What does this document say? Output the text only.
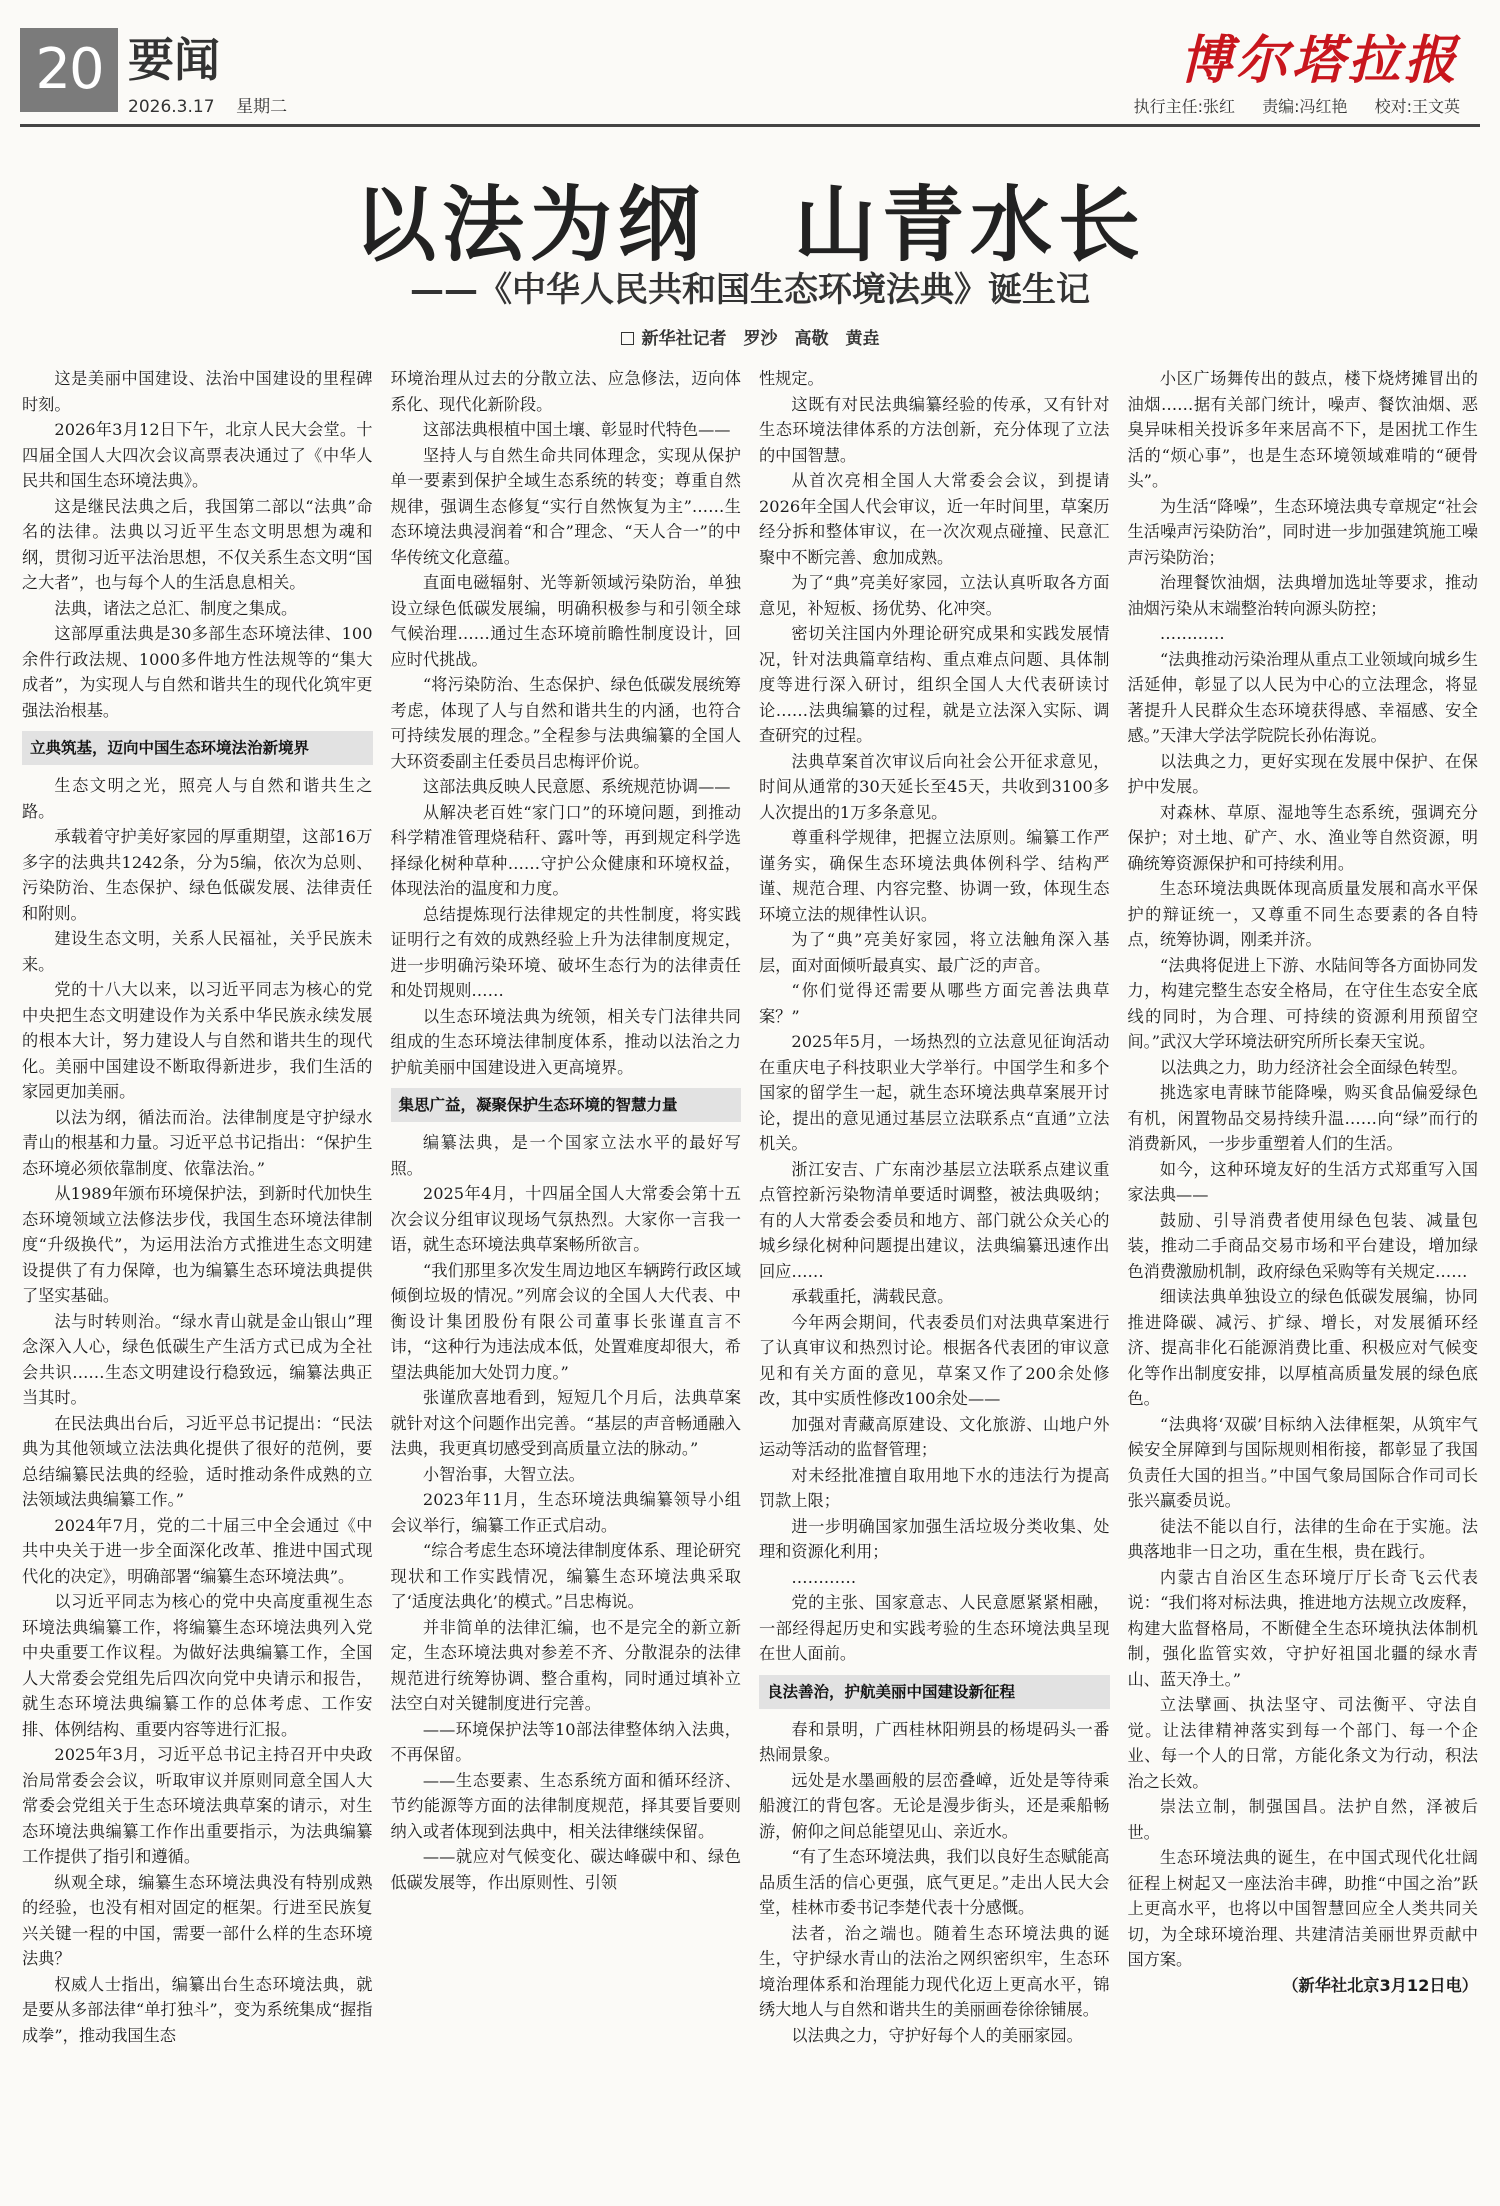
20 要闻
2026.3.17 星期二
博尔塔拉报
执行主任:张红 责编:冯红艳 校对:王文英
以法为纲　山青水长
——《中华人民共和国生态环境法典》诞生记
新华社记者　罗沙　高敬　黄垚

这是美丽中国建设、法治中国建设的里程碑时刻。

2026年3月12日下午，北京人民大会堂。十四届全国人大四次会议高票表决通过了《中华人民共和国生态环境法典》。

这是继民法典之后，我国第二部以“法典”命名的法律。法典以习近平生态文明思想为魂和纲，贯彻习近平法治思想，不仅关系生态文明“国之大者”，也与每个人的生活息息相关。

法典，诸法之总汇、制度之集成。

这部厚重法典是30多部生态环境法律、100余件行政法规、1000多件地方性法规等的“集大成者”，为实现人与自然和谐共生的现代化筑牢更强法治根基。

立典筑基，迈向中国生态环境法治新境界

生态文明之光，照亮人与自然和谐共生之路。

承载着守护美好家园的厚重期望，这部16万多字的法典共1242条，分为5编，依次为总则、污染防治、生态保护、绿色低碳发展、法律责任和附则。

建设生态文明，关系人民福祉，关乎民族未来。

党的十八大以来，以习近平同志为核心的党中央把生态文明建设作为关系中华民族永续发展的根本大计，努力建设人与自然和谐共生的现代化。美丽中国建设不断取得新进步，我们生活的家园更加美丽。

以法为纲，循法而治。法律制度是守护绿水青山的根基和力量。习近平总书记指出：“保护生态环境必须依靠制度、依靠法治。”

从1989年颁布环境保护法，到新时代加快生态环境领域立法修法步伐，我国生态环境法律制度“升级换代”，为运用法治方式推进生态文明建设提供了有力保障，也为编纂生态环境法典提供了坚实基础。

法与时转则治。“绿水青山就是金山银山”理念深入人心，绿色低碳生产生活方式已成为全社会共识……生态文明建设行稳致远，编纂法典正当其时。

在民法典出台后，习近平总书记提出：“民法典为其他领域立法法典化提供了很好的范例，要总结编纂民法典的经验，适时推动条件成熟的立法领域法典编纂工作。”

2024年7月，党的二十届三中全会通过《中共中央关于进一步全面深化改革、推进中国式现代化的决定》，明确部署“编纂生态环境法典”。

以习近平同志为核心的党中央高度重视生态环境法典编纂工作，将编纂生态环境法典列入党中央重要工作议程。为做好法典编纂工作，全国人大常委会党组先后四次向党中央请示和报告，就生态环境法典编纂工作的总体考虑、工作安排、体例结构、重要内容等进行汇报。

2025年3月，习近平总书记主持召开中央政治局常委会会议，听取审议并原则同意全国人大常委会党组关于生态环境法典草案的请示，对生态环境法典编纂工作作出重要指示，为法典编纂工作提供了指引和遵循。

纵观全球，编纂生态环境法典没有特别成熟的经验，也没有相对固定的框架。行进至民族复兴关键一程的中国，需要一部什么样的生态环境法典？

权威人士指出，编纂出台生态环境法典，就是要从多部法律“单打独斗”，变为系统集成“握指成拳”，推动我国生态

环境治理从过去的分散立法、应急修法，迈向体系化、现代化新阶段。

这部法典根植中国土壤、彰显时代特色——

坚持人与自然生命共同体理念，实现从保护单一要素到保护全域生态系统的转变；尊重自然规律，强调生态修复“实行自然恢复为主”……生态环境法典浸润着“和合”理念、“天人合一”的中华传统文化意蕴。

直面电磁辐射、光等新领域污染防治，单独设立绿色低碳发展编，明确积极参与和引领全球气候治理……通过生态环境前瞻性制度设计，回应时代挑战。

“将污染防治、生态保护、绿色低碳发展统筹考虑，体现了人与自然和谐共生的内涵，也符合可持续发展的理念。”全程参与法典编纂的全国人大环资委副主任委员吕忠梅评价说。

这部法典反映人民意愿、系统规范协调——

从解决老百姓“家门口”的环境问题，到推动科学精准管理烧秸秆、露叶等，再到规定科学选择绿化树种草种……守护公众健康和环境权益，体现法治的温度和力度。

总结提炼现行法律规定的共性制度，将实践证明行之有效的成熟经验上升为法律制度规定，进一步明确污染环境、破坏生态行为的法律责任和处罚规则……

以生态环境法典为统领，相关专门法律共同组成的生态环境法律制度体系，推动以法治之力护航美丽中国建设进入更高境界。

集思广益，凝聚保护生态环境的智慧力量

编纂法典，是一个国家立法水平的最好写照。

2025年4月，十四届全国人大常委会第十五次会议分组审议现场气氛热烈。大家你一言我一语，就生态环境法典草案畅所欲言。

“我们那里多次发生周边地区车辆跨行政区域倾倒垃圾的情况。”列席会议的全国人大代表、中衡设计集团股份有限公司董事长张谨直言不讳，“这种行为违法成本低，处置难度却很大，希望法典能加大处罚力度。”

张谨欣喜地看到，短短几个月后，法典草案就针对这个问题作出完善。“基层的声音畅通融入法典，我更真切感受到高质量立法的脉动。”

小智治事，大智立法。

2023年11月，生态环境法典编纂领导小组会议举行，编纂工作正式启动。

“综合考虑生态环境法律制度体系、理论研究现状和工作实践情况，编纂生态环境法典采取了‘适度法典化’的模式。”吕忠梅说。

并非简单的法律汇编，也不是完全的新立新定，生态环境法典对参差不齐、分散混杂的法律规范进行统筹协调、整合重构，同时通过填补立法空白对关键制度进行完善。

——环境保护法等10部法律整体纳入法典，不再保留。

——生态要素、生态系统方面和循环经济、节约能源等方面的法律制度规范，择其要旨要则纳入或者体现到法典中，相关法律继续保留。

——就应对气候变化、碳达峰碳中和、绿色低碳发展等，作出原则性、引领

性规定。

这既有对民法典编纂经验的传承，又有针对生态环境法律体系的方法创新，充分体现了立法的中国智慧。

从首次亮相全国人大常委会会议，到提请2026年全国人代会审议，近一年时间里，草案历经分拆和整体审议，在一次次观点碰撞、民意汇聚中不断完善、愈加成熟。

为了“典”亮美好家园，立法认真听取各方面意见，补短板、扬优势、化冲突。

密切关注国内外理论研究成果和实践发展情况，针对法典篇章结构、重点难点问题、具体制度等进行深入研讨，组织全国人大代表研读讨论……法典编纂的过程，就是立法深入实际、调查研究的过程。

法典草案首次审议后向社会公开征求意见，时间从通常的30天延长至45天，共收到3100多人次提出的1万多条意见。

尊重科学规律，把握立法原则。编纂工作严谨务实，确保生态环境法典体例科学、结构严谨、规范合理、内容完整、协调一致，体现生态环境立法的规律性认识。

为了“典”亮美好家园，将立法触角深入基层，面对面倾听最真实、最广泛的声音。

“你们觉得还需要从哪些方面完善法典草案？”

2025年5月，一场热烈的立法意见征询活动在重庆电子科技职业大学举行。中国学生和多个国家的留学生一起，就生态环境法典草案展开讨论，提出的意见通过基层立法联系点“直通”立法机关。

浙江安吉、广东南沙基层立法联系点建议重点管控新污染物清单要适时调整，被法典吸纳；有的人大常委会委员和地方、部门就公众关心的城乡绿化树种问题提出建议，法典编纂迅速作出回应……

承载重托，满载民意。

今年两会期间，代表委员们对法典草案进行了认真审议和热烈讨论。根据各代表团的审议意见和有关方面的意见，草案又作了200余处修改，其中实质性修改100余处——

加强对青藏高原建设、文化旅游、山地户外运动等活动的监督管理；

对未经批准擅自取用地下水的违法行为提高罚款上限；

进一步明确国家加强生活垃圾分类收集、处理和资源化利用；

…………

党的主张、国家意志、人民意愿紧紧相融，一部经得起历史和实践考验的生态环境法典呈现在世人面前。

良法善治，护航美丽中国建设新征程

春和景明，广西桂林阳朔县的杨堤码头一番热闹景象。

远处是水墨画般的层峦叠嶂，近处是等待乘船渡江的背包客。无论是漫步街头，还是乘船畅游，俯仰之间总能望见山、亲近水。

“有了生态环境法典，我们以良好生态赋能高品质生活的信心更强，底气更足。”走出人民大会堂，桂林市委书记李楚代表十分感慨。

法者，治之端也。随着生态环境法典的诞生，守护绿水青山的法治之网织密织牢，生态环境治理体系和治理能力现代化迈上更高水平，锦绣大地人与自然和谐共生的美丽画卷徐徐铺展。

以法典之力，守护好每个人的美丽家园。

小区广场舞传出的鼓点，楼下烧烤摊冒出的油烟……据有关部门统计，噪声、餐饮油烟、恶臭异味相关投诉多年来居高不下，是困扰工作生活的“烦心事”，也是生态环境领域难啃的“硬骨头”。

为生活“降噪”，生态环境法典专章规定“社会生活噪声污染防治”，同时进一步加强建筑施工噪声污染防治；

治理餐饮油烟，法典增加选址等要求，推动油烟污染从末端整治转向源头防控；

…………

“法典推动污染治理从重点工业领域向城乡生活延伸，彰显了以人民为中心的立法理念，将显著提升人民群众生态环境获得感、幸福感、安全感。”天津大学法学院院长孙佑海说。

以法典之力，更好实现在发展中保护、在保护中发展。

对森林、草原、湿地等生态系统，强调充分保护；对土地、矿产、水、渔业等自然资源，明确统筹资源保护和可持续利用。

生态环境法典既体现高质量发展和高水平保护的辩证统一，又尊重不同生态要素的各自特点，统筹协调，刚柔并济。

“法典将促进上下游、水陆间等各方面协同发力，构建完整生态安全格局，在守住生态安全底线的同时，为合理、可持续的资源利用预留空间。”武汉大学环境法研究所所长秦天宝说。

以法典之力，助力经济社会全面绿色转型。

挑选家电青睐节能降噪，购买食品偏爱绿色有机，闲置物品交易持续升温……向“绿”而行的消费新风，一步步重塑着人们的生活。

如今，这种环境友好的生活方式郑重写入国家法典——

鼓励、引导消费者使用绿色包装、减量包装，推动二手商品交易市场和平台建设，增加绿色消费激励机制，政府绿色采购等有关规定……

细读法典单独设立的绿色低碳发展编，协同推进降碳、减污、扩绿、增长，对发展循环经济、提高非化石能源消费比重、积极应对气候变化等作出制度安排，以厚植高质量发展的绿色底色。

“法典将‘双碳’目标纳入法律框架，从筑牢气候安全屏障到与国际规则相衔接，都彰显了我国负责任大国的担当。”中国气象局国际合作司司长张兴赢委员说。

徒法不能以自行，法律的生命在于实施。法典落地非一日之功，重在生根，贵在践行。

内蒙古自治区生态环境厅厅长奇飞云代表说：“我们将对标法典，推进地方法规立改废释，构建大监督格局，不断健全生态环境执法体制机制，强化监管实效，守护好祖国北疆的绿水青山、蓝天净土。”

立法擘画、执法坚守、司法衡平、守法自觉。让法律精神落实到每一个部门、每一个企业、每一个人的日常，方能化条文为行动，积法治之长效。

崇法立制，制强国昌。法护自然，泽被后世。

生态环境法典的诞生，在中国式现代化壮阔征程上树起又一座法治丰碑，助推“中国之治”跃上更高水平，也将以中国智慧回应全人类共同关切，为全球环境治理、共建清洁美丽世界贡献中国方案。

（新华社北京3月12日电）
